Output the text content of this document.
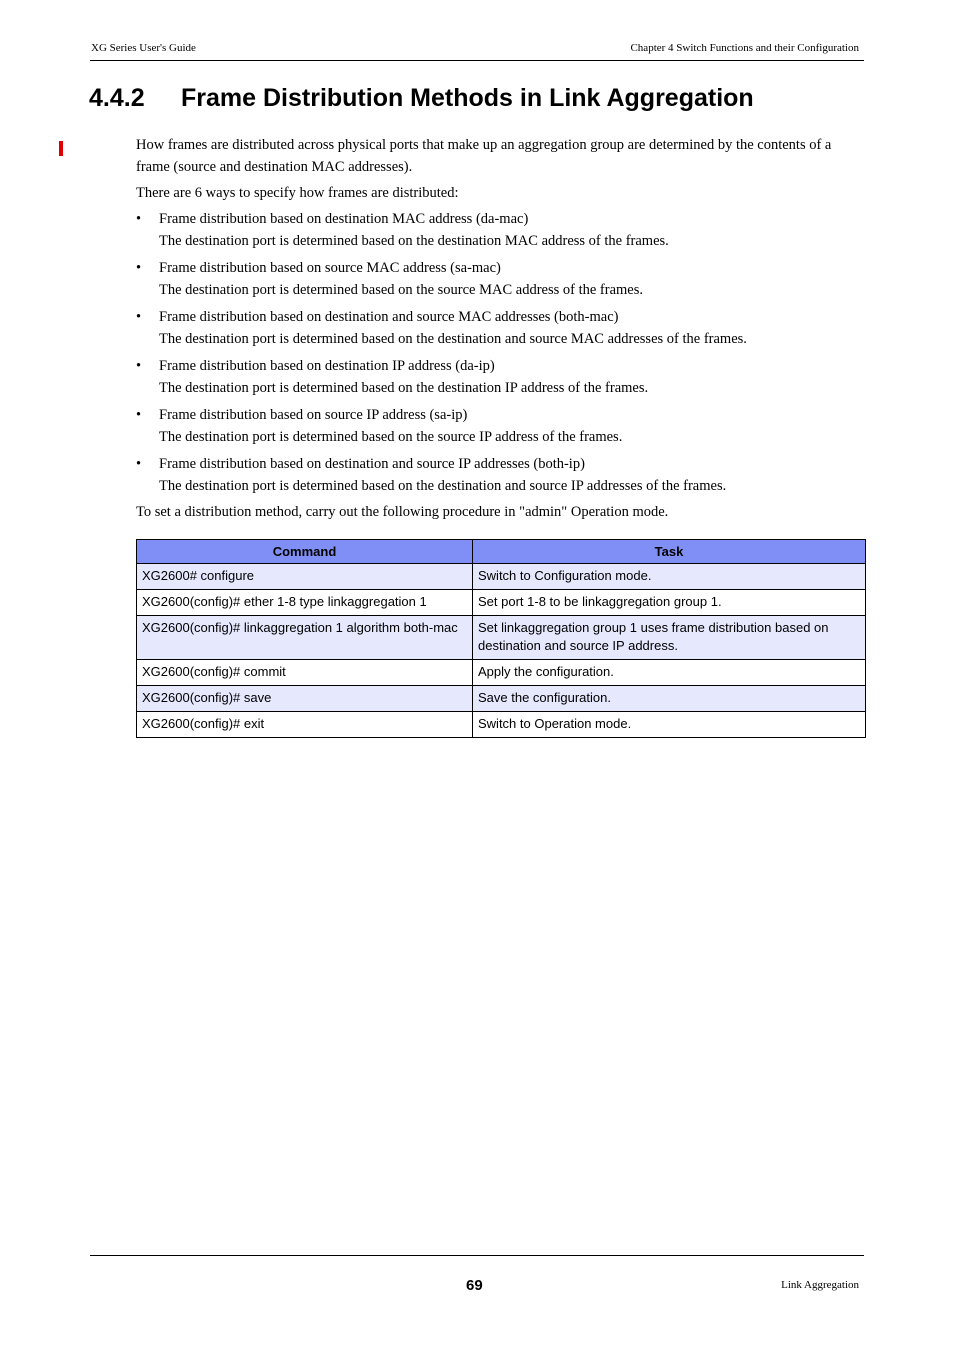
XG Series User's Guide	Chapter 4 Switch Functions and their Configuration
4.4.2 Frame Distribution Methods in Link Aggregation

How frames are distributed across physical ports that make up an aggregation group are determined by the contents of a frame (source and destination MAC addresses).

There are 6 ways to specify how frames are distributed:

• Frame distribution based on destination MAC address (da-mac)
The destination port is determined based on the destination MAC address of the frames.
• Frame distribution based on source MAC address (sa-mac)
The destination port is determined based on the source MAC address of the frames.
• Frame distribution based on destination and source MAC addresses (both-mac)
The destination port is determined based on the destination and source MAC addresses of the frames.
• Frame distribution based on destination IP address (da-ip)
The destination port is determined based on the destination IP address of the frames.
• Frame distribution based on source IP address (sa-ip)
The destination port is determined based on the source IP address of the frames.
• Frame distribution based on destination and source IP addresses (both-ip)
The destination port is determined based on the destination and source IP addresses of the frames.

To set a distribution method, carry out the following procedure in "admin" Operation mode.

Command	Task
XG2600# configure	Switch to Configuration mode.
XG2600(config)# ether 1-8 type linkaggregation 1	Set port 1-8 to be linkaggregation group 1.
XG2600(config)# linkaggregation 1 algorithm both-mac	Set linkaggregation group 1 uses frame distribution based on destination and source IP address.
XG2600(config)# commit	Apply the configuration.
XG2600(config)# save	Save the configuration.
XG2600(config)# exit	Switch to Operation mode.
69	Link Aggregation
